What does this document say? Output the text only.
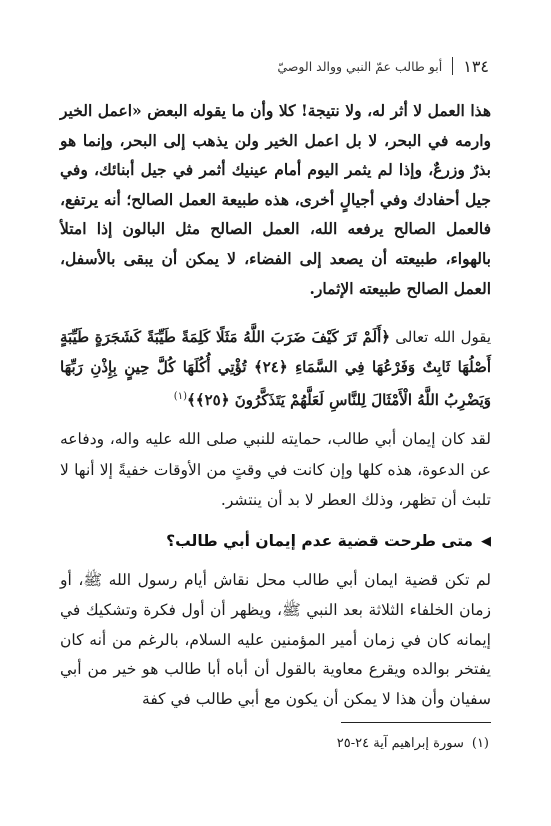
١٣٤
أبو طالب عمّ النبي ووالد الوصيّ

هذا العمل لا أثر له، ولا نتيجة! كلا وأن ما يقوله البعض «اعمل الخير وارمه في البحر، لا بل اعمل الخير ولن يذهب إلى البحر، وإنما هو بذرٌ وزرعٌ، وإذا لم يثمر اليوم أمام عينيك أثمر في جيل أبنائك، وفي جيل أحفادك وفي أجيالٍ أخرى، هذه طبيعة العمل الصالح؛ أنه يرتفع، فالعمل الصالح يرفعه الله، العمل الصالح مثل البالون إذا امتلأ بالهواء، طبيعته أن يصعد إلى الفضاء، لا يمكن أن يبقى بالأسفل، العمل الصالح طبيعته الإثمار.

يقول الله تعالى ﴿أَلَمْ تَرَ كَيْفَ ضَرَبَ اللَّهُ مَثَلًا كَلِمَةً طَيِّبَةً كَشَجَرَةٍ طَيِّبَةٍ أَصْلُهَا ثَابِتٌ وَفَرْعُهَا فِي السَّمَاءِ ﴿٢٤﴾ تُؤْتِي أُكُلَهَا كُلَّ حِينٍ بِإِذْنِ رَبِّهَا وَيَضْرِبُ اللَّهُ الْأَمْثَالَ لِلنَّاسِ لَعَلَّهُمْ يَتَذَكَّرُونَ ﴿٢٥﴾﴾$^{(١)}$

لقد كان إيمان أبي طالب، حمايته للنبي صلى الله عليه واله، ودفاعه عن الدعوة، هذه كلها وإن كانت في وقتٍ من الأوقات خفيةً إلا أنها لا تلبث أن تظهر، وذلك العطر لا بد أن ينتشر.

◀
متى طرحت قضية عدم إيمان أبي طالب؟

لم تكن قضية ايمان أبي طالب محل نقاش أيام رسول الله ﷺ، أو زمان الخلفاء الثلاثة بعد النبي ﷺ، ويظهر أن أول فكرة وتشكيك في إيمانه كان في زمان أمير المؤمنين عليه السلام، بالرغم من أنه كان يفتخر بوالده ويقرع معاوية بالقول أن أباه أبا طالب هو خير من أبي سفيان وأن هذا لا يمكن أن يكون مع أبي طالب في كفة

(١)
سورة إبراهيم آية ٢٤-٢٥
